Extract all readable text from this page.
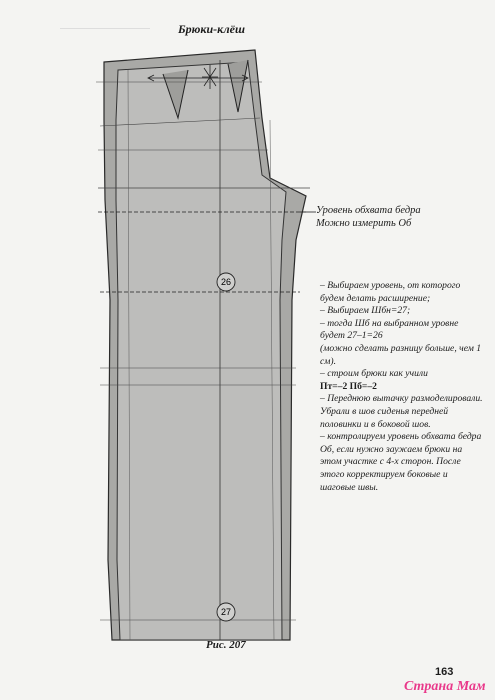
Брюки-клёш
26
27
Уровень обхвата бедра
Можно измерить Об

– Выбираем уровень, от которого будем делать расширение;

– Выбираем Шбн=27;

– тогда Шб на выбранном уровне будет 27–1=26

(можно сделать разницу больше, чем 1 см).

– строим брюки как учили

Пт=–2 Пб=–2

– Переднюю вытачку размоделировали. Убрали в шов сиденья передней половинки и в боковой шов.

– контролируем уровень обхвата бедра Об, если нужно заужаем брюки на этом участке с 4-х сторон. После этого корректируем боковые и шаговые швы.

Рис. 207
163
Страна Мам
